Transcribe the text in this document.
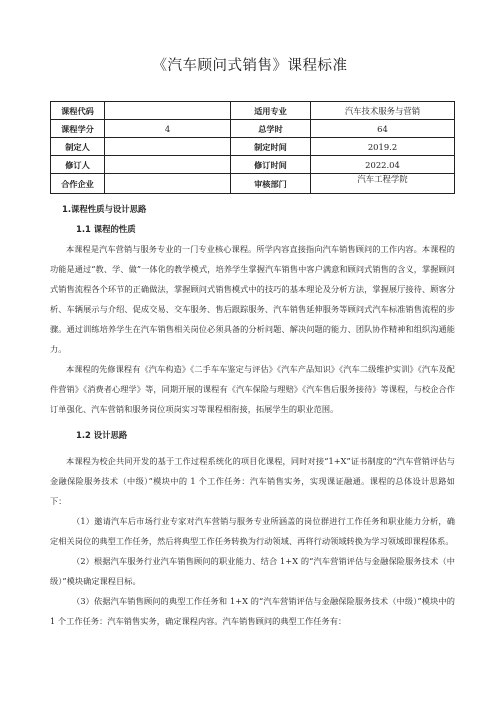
《汽车顾问式销售》课程标准
课程代码		适用专业	汽车技术服务与营销
课程学分	4	总学时	64
制定人		制定时间	2019.2
修订人		修订时间	2022.04
合作企业		审核部门	汽车工程学院
1.课程性质与设计思路
1.1 课程的性质

本课程是汽车营销与服务专业的一门专业核心课程。所学内容直接指向汽车销售顾问的工作内容。本课程的功能是通过“教、学、做”一体化的教学模式，培养学生掌握汽车销售中客户满意和顾问式销售的含义，掌握顾问式销售流程各个环节的正确做法，掌握顾问式销售模式中的技巧的基本理论及分析方法，掌握展厅接待、顾客分析、车辆展示与介绍、促成交易、交车服务、售后跟踪服务、汽车销售延伸服务等顾问式汽车标准销售流程的步骤。通过训练培养学生在汽车销售相关岗位必须具备的分析问题、解决问题的能力、团队协作精神和组织沟通能力。

本课程的先修课程有《汽车构造》《二手车车鉴定与评估》《汽车产品知识》《汽车二级维护实训》《汽车及配件营销》《消费者心理学》等，同期开展的课程有《汽车保险与理赔》《汽车售后服务接待》等课程，与校企合作订单强化、汽车营销和服务岗位项岗实习等课程相衔接，拓展学生的职业范围。

1.2 设计思路

本课程为校企共同开发的基于工作过程系统化的项目化课程，同时对接“1+X”证书制度的“汽车营销评估与金融保险服务技术（中级）”模块中的 1 个工作任务：汽车销售实务，实现课证融通。课程的总体设计思路如下：

（1）邀请汽车后市场行业专家对汽车营销与服务专业所涵盖的岗位群进行工作任务和职业能力分析，确定相关岗位的典型工作任务，然后将典型工作任务转换为行动领域、再将行动领域转换为学习领域即课程体系。

（2）根据汽车服务行业汽车销售顾问的职业能力、结合 1+X 的“汽车营销评估与金融保险服务技术（中级）”模块确定课程目标。

（3）依据汽车销售顾问的典型工作任务和 1+X 的“汽车营销评估与金融保险服务技术（中级）”模块中的 1 个工作任务：汽车销售实务，确定课程内容。汽车销售顾问的典型工作任务有：
